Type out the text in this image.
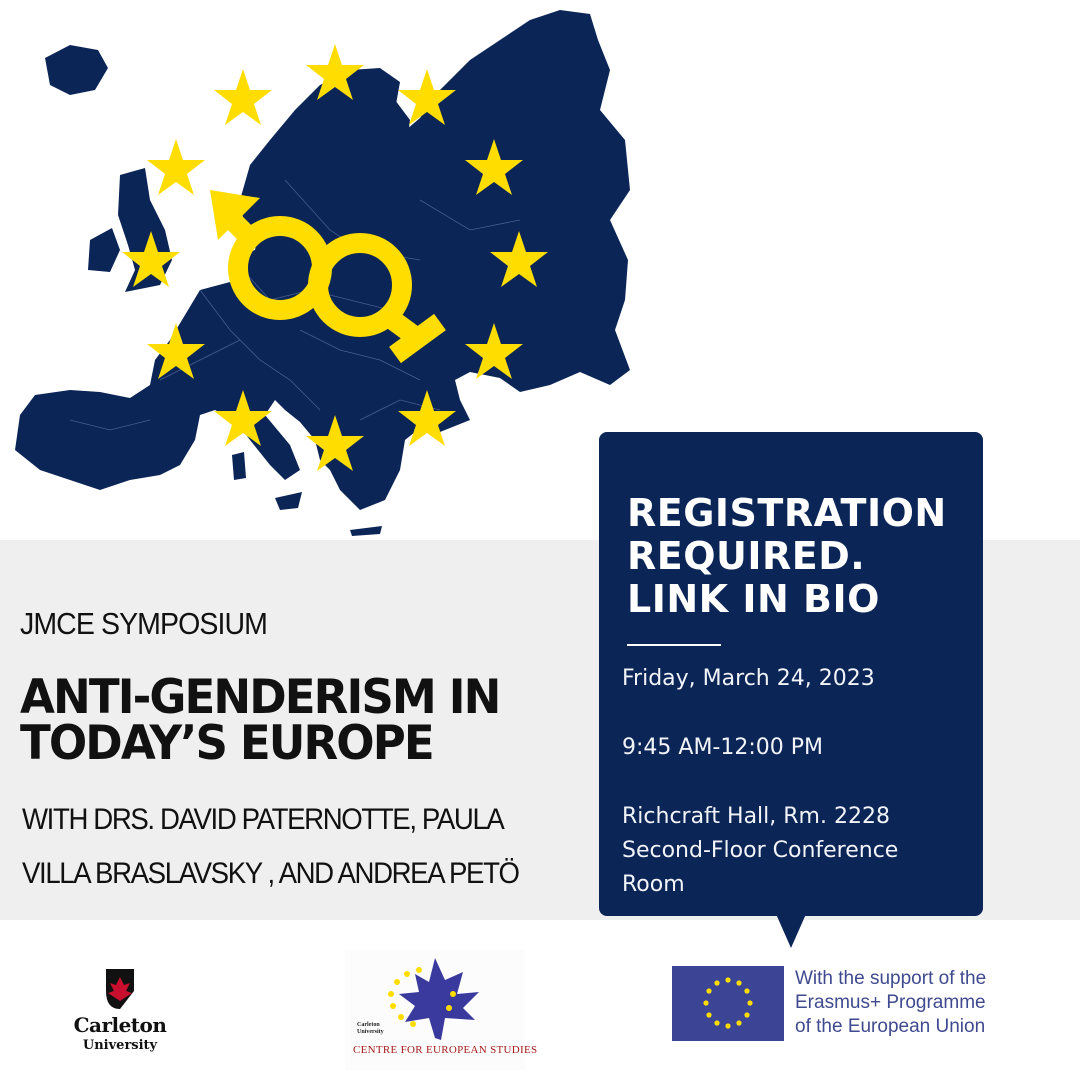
JMCE SYMPOSIUM
ANTI-GENDERISM IN
TODAY’S EUROPE
WITH DRS. DAVID PATERNOTTE, PAULA
VILLA BRASLAVSKY , AND ANDREA PETÖ
REGISTRATION
REQUIRED.
LINK IN BIO
Friday, March 24, 2023
9:45 AM-12:00 PM
Richcraft Hall, Rm. 2228
Second-Floor Conference
Room
Carleton
University
Carleton
University
CENTRE FOR EUROPEAN STUDIES
With the support of the
Erasmus+ Programme
of the European Union
